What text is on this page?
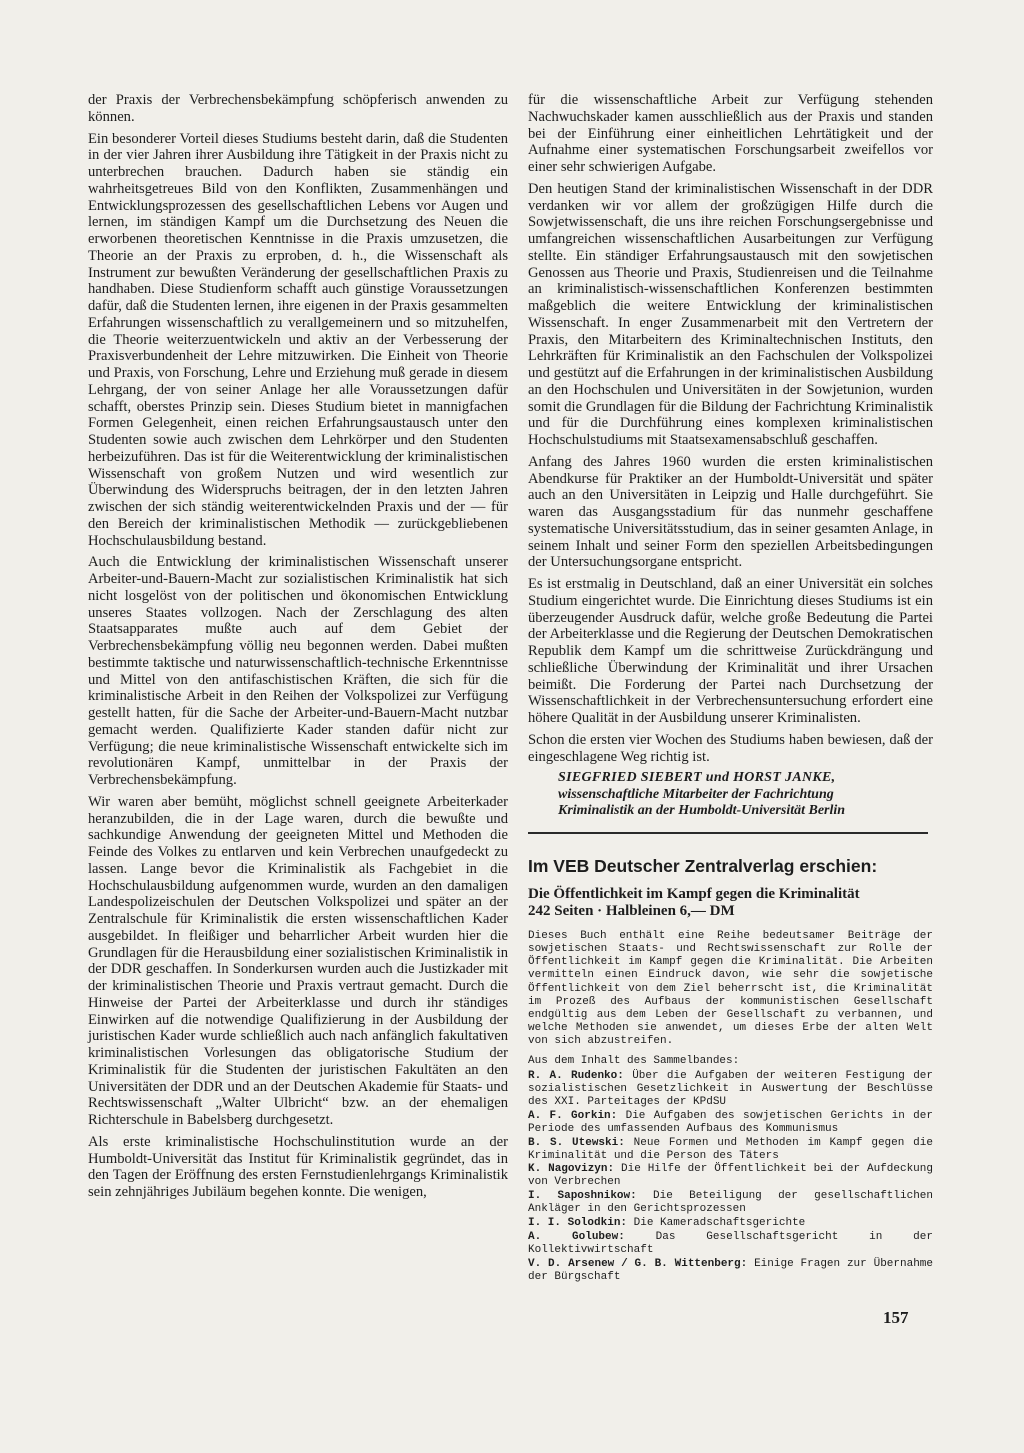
der Praxis der Verbrechensbekämpfung schöpferisch anwenden zu können.

Ein besonderer Vorteil dieses Studiums besteht darin, daß die Studenten in der vier Jahren ihrer Ausbildung ihre Tätigkeit in der Praxis nicht zu unterbrechen brauchen. Dadurch haben sie ständig ein wahrheitsgetreues Bild von den Konflikten, Zusammenhängen und Entwicklungsprozessen des gesellschaftlichen Lebens vor Augen und lernen, im ständigen Kampf um die Durchsetzung des Neuen die erworbenen theoretischen Kenntnisse in die Praxis umzusetzen, die Theorie an der Praxis zu erproben, d. h., die Wissenschaft als Instrument zur bewußten Veränderung der gesellschaftlichen Praxis zu handhaben. Diese Studienform schafft auch günstige Voraussetzungen dafür, daß die Studenten lernen, ihre eigenen in der Praxis gesammelten Erfahrungen wissenschaftlich zu verallgemeinern und so mitzuhelfen, die Theorie weiterzuentwickeln und aktiv an der Verbesserung der Praxisverbundenheit der Lehre mitzuwirken. Die Einheit von Theorie und Praxis, von Forschung, Lehre und Erziehung muß gerade in diesem Lehrgang, der von seiner Anlage her alle Voraussetzungen dafür schafft, oberstes Prinzip sein. Dieses Studium bietet in mannigfachen Formen Gelegenheit, einen reichen Erfahrungsaustausch unter den Studenten sowie auch zwischen dem Lehrkörper und den Studenten herbeizuführen. Das ist für die Weiterentwicklung der kriminalistischen Wissenschaft von großem Nutzen und wird wesentlich zur Überwindung des Widerspruchs beitragen, der in den letzten Jahren zwischen der sich ständig weiterentwickelnden Praxis und der — für den Bereich der kriminalistischen Methodik — zurückgebliebenen Hochschulausbildung bestand.

Auch die Entwicklung der kriminalistischen Wissenschaft unserer Arbeiter-und-Bauern-Macht zur sozialistischen Kriminalistik hat sich nicht losgelöst von der politischen und ökonomischen Entwicklung unseres Staates vollzogen. Nach der Zerschlagung des alten Staatsapparates mußte auch auf dem Gebiet der Verbrechensbekämpfung völlig neu begonnen werden. Dabei mußten bestimmte taktische und naturwissenschaftlich-technische Erkenntnisse und Mittel von den antifaschistischen Kräften, die sich für die kriminalistische Arbeit in den Reihen der Volkspolizei zur Verfügung gestellt hatten, für die Sache der Arbeiter-und-Bauern-Macht nutzbar gemacht werden. Qualifizierte Kader standen dafür nicht zur Verfügung; die neue kriminalistische Wissenschaft entwickelte sich im revolutionären Kampf, unmittelbar in der Praxis der Verbrechensbekämpfung.

Wir waren aber bemüht, möglichst schnell geeignete Arbeiterkader heranzubilden, die in der Lage waren, durch die bewußte und sachkundige Anwendung der geeigneten Mittel und Methoden die Feinde des Volkes zu entlarven und kein Verbrechen unaufgedeckt zu lassen. Lange bevor die Kriminalistik als Fachgebiet in die Hochschulausbildung aufgenommen wurde, wurden an den damaligen Landespolizeischulen der Deutschen Volkspolizei und später an der Zentralschule für Kriminalistik die ersten wissenschaftlichen Kader ausgebildet. In fleißiger und beharrlicher Arbeit wurden hier die Grundlagen für die Herausbildung einer sozialistischen Kriminalistik in der DDR geschaffen. In Sonderkursen wurden auch die Justizkader mit der kriminalistischen Theorie und Praxis vertraut gemacht. Durch die Hinweise der Partei der Arbeiterklasse und durch ihr ständiges Einwirken auf die notwendige Qualifizierung in der Ausbildung der juristischen Kader wurde schließlich auch nach anfänglich fakultativen kriminalistischen Vorlesungen das obligatorische Studium der Kriminalistik für die Studenten der juristischen Fakultäten an den Universitäten der DDR und an der Deutschen Akademie für Staats- und Rechtswissenschaft „Walter Ulbricht“ bzw. an der ehemaligen Richterschule in Babelsberg durchgesetzt.

Als erste kriminalistische Hochschulinstitution wurde an der Humboldt-Universität das Institut für Kriminalistik gegründet, das in den Tagen der Eröffnung des ersten Fernstudienlehrgangs Kriminalistik sein zehnjähriges Jubiläum begehen konnte. Die wenigen,

für die wissenschaftliche Arbeit zur Verfügung stehenden Nachwuchskader kamen ausschließlich aus der Praxis und standen bei der Einführung einer einheitlichen Lehrtätigkeit und der Aufnahme einer systematischen Forschungsarbeit zweifellos vor einer sehr schwierigen Aufgabe.

Den heutigen Stand der kriminalistischen Wissenschaft in der DDR verdanken wir vor allem der großzügigen Hilfe durch die Sowjetwissenschaft, die uns ihre reichen Forschungsergebnisse und umfangreichen wissenschaftlichen Ausarbeitungen zur Verfügung stellte. Ein ständiger Erfahrungsaustausch mit den sowjetischen Genossen aus Theorie und Praxis, Studienreisen und die Teilnahme an kriminalistisch-wissenschaftlichen Konferenzen bestimmten maßgeblich die weitere Entwicklung der kriminalistischen Wissenschaft. In enger Zusammenarbeit mit den Vertretern der Praxis, den Mitarbeitern des Kriminaltechnischen Instituts, den Lehrkräften für Kriminalistik an den Fachschulen der Volkspolizei und gestützt auf die Erfahrungen in der kriminalistischen Ausbildung an den Hochschulen und Universitäten in der Sowjetunion, wurden somit die Grundlagen für die Bildung der Fachrichtung Kriminalistik und für die Durchführung eines komplexen kriminalistischen Hochschulstudiums mit Staatsexamensabschluß geschaffen.

Anfang des Jahres 1960 wurden die ersten kriminalistischen Abendkurse für Praktiker an der Humboldt-Universität und später auch an den Universitäten in Leipzig und Halle durchgeführt. Sie waren das Ausgangsstadium für das nunmehr geschaffene systematische Universitätsstudium, das in seiner gesamten Anlage, in seinem Inhalt und seiner Form den speziellen Arbeitsbedingungen der Untersuchungsorgane entspricht.

Es ist erstmalig in Deutschland, daß an einer Universität ein solches Studium eingerichtet wurde. Die Einrichtung dieses Studiums ist ein überzeugender Ausdruck dafür, welche große Bedeutung die Partei der Arbeiterklasse und die Regierung der Deutschen Demokratischen Republik dem Kampf um die schrittweise Zurückdrängung und schließliche Überwindung der Kriminalität und ihrer Ursachen beimißt. Die Forderung der Partei nach Durchsetzung der Wissenschaftlichkeit in der Verbrechensuntersuchung erfordert eine höhere Qualität in der Ausbildung unserer Kriminalisten.

Schon die ersten vier Wochen des Studiums haben bewiesen, daß der eingeschlagene Weg richtig ist.

SIEGFRIED SIEBERT und HORST JANKE,
wissenschaftliche Mitarbeiter der Fachrichtung
Kriminalistik an der Humboldt-Universität Berlin
Im VEB Deutscher Zentralverlag erschien:
Die Öffentlichkeit im Kampf gegen die Kriminalität
242 Seiten · Halbleinen 6,— DM

Dieses Buch enthält eine Reihe bedeutsamer Beiträge der sowjetischen Staats- und Rechtswissenschaft zur Rolle der Öffentlichkeit im Kampf gegen die Kriminalität. Die Arbeiten vermitteln einen Eindruck davon, wie sehr die sowjetische Öffentlichkeit von dem Ziel beherrscht ist, die Kriminalität im Prozeß des Aufbaus der kommunistischen Gesellschaft endgültig aus dem Leben der Gesellschaft zu verbannen, und welche Methoden sie anwendet, um dieses Erbe der alten Welt von sich abzustreifen.

Aus dem Inhalt des Sammelbandes:
R. A. Rudenko: Über die Aufgaben der weiteren Festigung der sozialistischen Gesetzlichkeit in Auswertung der Beschlüsse des XXI. Parteitages der KPdSU
A. F. Gorkin: Die Aufgaben des sowjetischen Gerichts in der Periode des umfassenden Aufbaus des Kommunismus
B. S. Utewski: Neue Formen und Methoden im Kampf gegen die Kriminalität und die Person des Täters
K. Nagovizyn: Die Hilfe der Öffentlichkeit bei der Aufdeckung von Verbrechen
I. Saposhnikow: Die Beteiligung der gesellschaftlichen Ankläger in den Gerichtsprozessen
I. I. Solodkin: Die Kameradschaftsgerichte
A. Golubew:	Das Gesellschaftsgericht in der Kollektivwirtschaft
V. D. Arsenew / G. B. Wittenberg: Einige Fragen zur Übernahme der Bürgschaft
157
